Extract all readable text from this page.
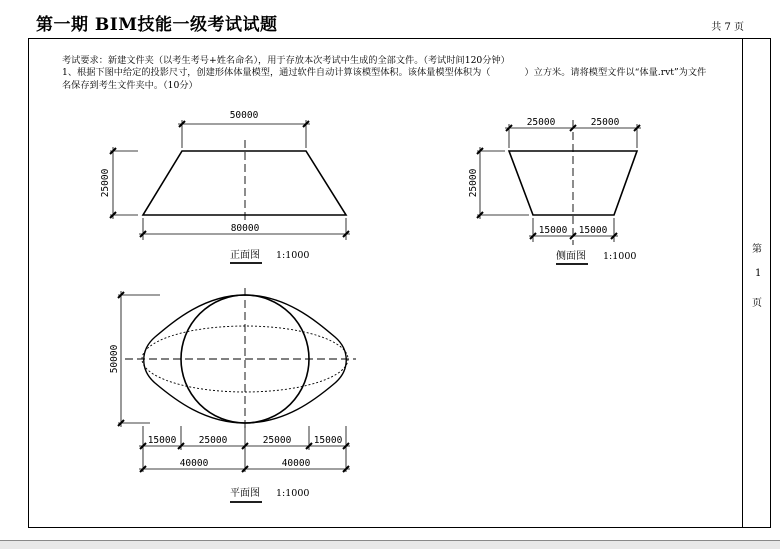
第一期 BIM技能一级考试试题	共 7 页
第
1
页
考试要求：新建文件夹（以考生考号+姓名命名），用于存放本次考试中生成的全部文件。（考试时间120分钟）
1、根据下图中给定的投影尺寸，创建形体体量模型，通过软件自动计算该模型体积。该体量模型体积为（	）立方米。请将模型文件以“体量.rvt”为文件名保存到考生文件夹中。（10分）
50000
25000
80000
正面图 1:1000
25000	25000
25000
15000 15000
侧面图 1:1000
50000
15000 25000	25000 15000
40000	40000
平面图 1:1000
